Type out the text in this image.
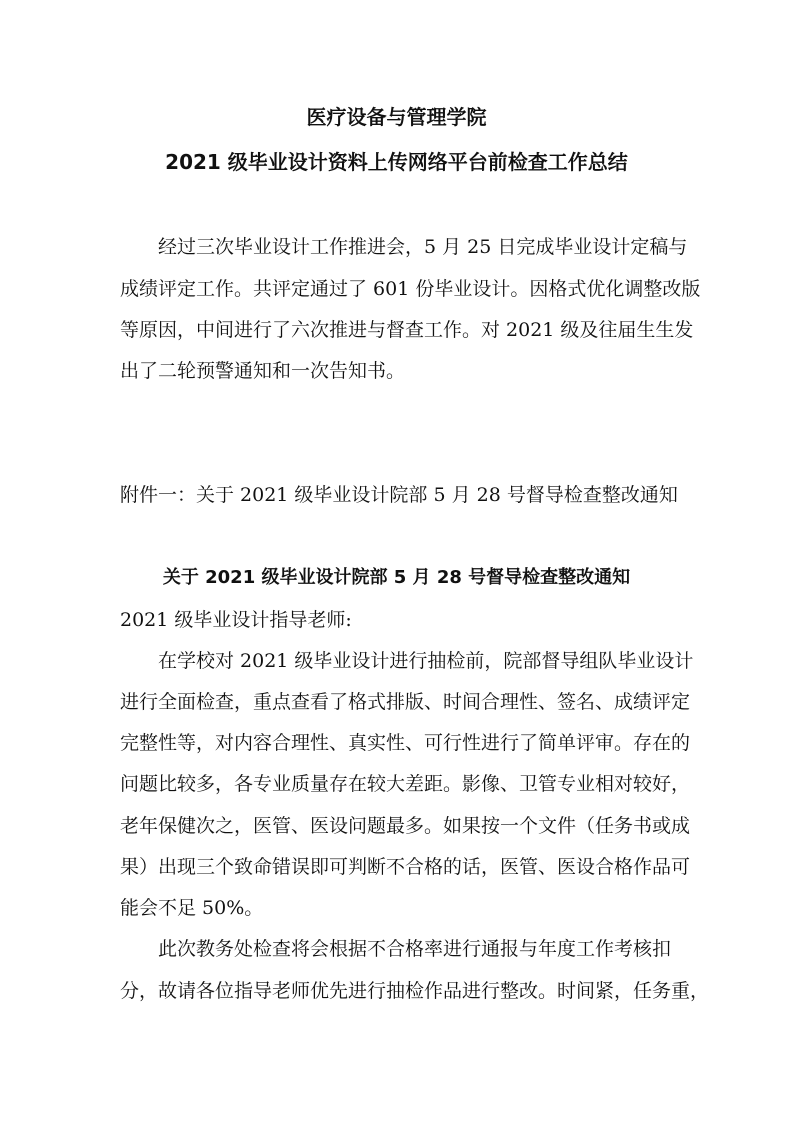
医疗设备与管理学院
2021 级毕业设计资料上传网络平台前检查工作总结
经过三次毕业设计工作推进会，5 月 25 日完成毕业设计定稿与
成绩评定工作。共评定通过了 601 份毕业设计。因格式优化调整改版
等原因，中间进行了六次推进与督查工作。对 2021 级及往届生生发
出了二轮预警通知和一次告知书。
附件一：关于 2021 级毕业设计院部 5 月 28 号督导检查整改通知
关于 2021 级毕业设计院部 5 月 28 号督导检查整改通知
2021 级毕业设计指导老师:
在学校对 2021 级毕业设计进行抽检前，院部督导组队毕业设计
进行全面检查，重点查看了格式排版、时间合理性、签名、成绩评定
完整性等，对内容合理性、真实性、可行性进行了简单评审。存在的
问题比较多，各专业质量存在较大差距。影像、卫管专业相对较好，
老年保健次之，医管、医设问题最多。如果按一个文件（任务书或成
果）出现三个致命错误即可判断不合格的话，医管、医设合格作品可
能会不足 50%。
此次教务处检查将会根据不合格率进行通报与年度工作考核扣
分，故请各位指导老师优先进行抽检作品进行整改。时间紧，任务重，
